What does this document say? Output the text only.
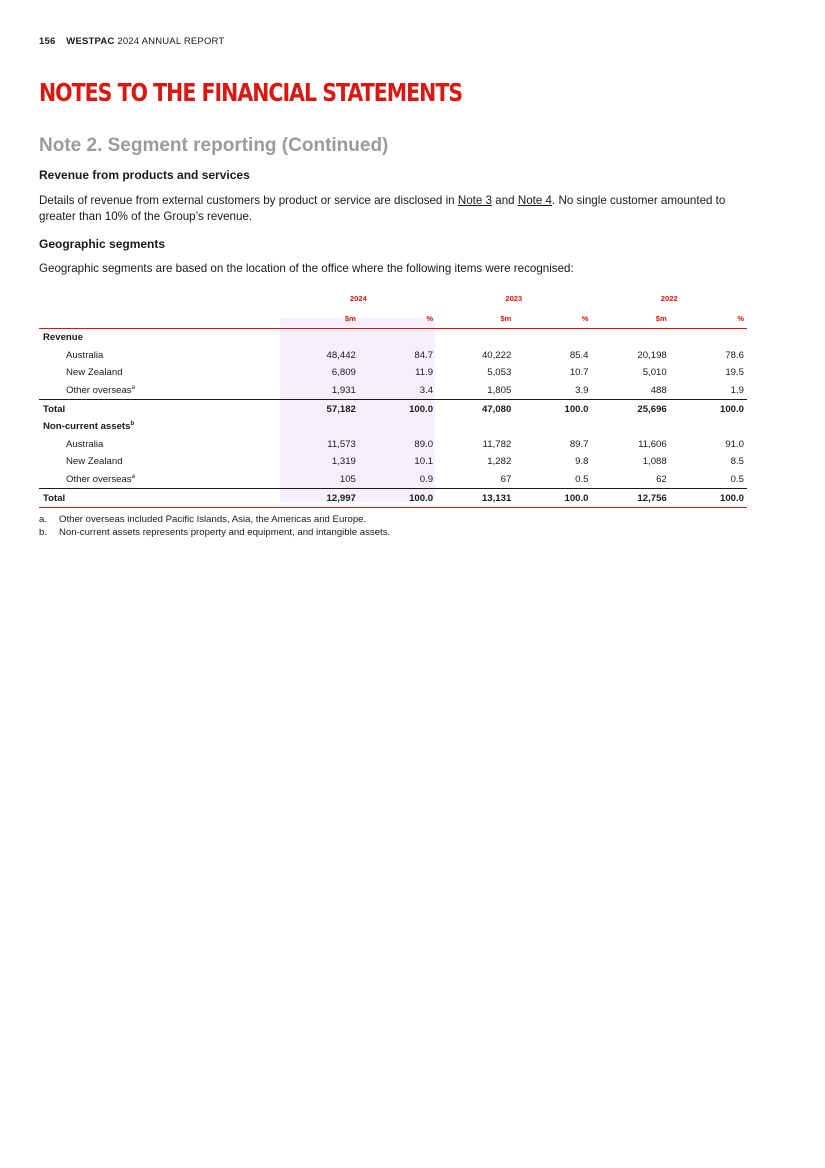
156 WESTPAC 2024 ANNUAL REPORT
NOTES TO THE FINANCIAL STATEMENTS
Note 2. Segment reporting (Continued)
Revenue from products and services

Details of revenue from external customers by product or service are disclosed in Note 3 and Note 4. No single customer amounted to greater than 10% of the Group’s revenue.

Geographic segments

Geographic segments are based on the location of the office where the following items were recognised:

	2024		2023		2022	
	$m	%	$m	%	$m	%
Revenue						
Australia	48,442	84.7	40,222	85.4	20,198	78.6
New Zealand	6,809	11.9	5,053	10.7	5,010	19.5
Other overseas$^a$	1,931	3.4	1,805	3.9	488	1.9
Total	57,182	100.0	47,080	100.0	25,696	100.0
Non-current assets$^b$						
Australia	11,573	89.0	11,782	89.7	11,606	91.0
New Zealand	1,319	10.1	1,282	9.8	1,088	8.5
Other overseas$^a$	105	0.9	67	0.5	62	0.5
Total	12,997	100.0	13,131	100.0	12,756	100.0
a. Other overseas included Pacific Islands, Asia, the Americas and Europe.
b. Non-current assets represents property and equipment, and intangible assets.
